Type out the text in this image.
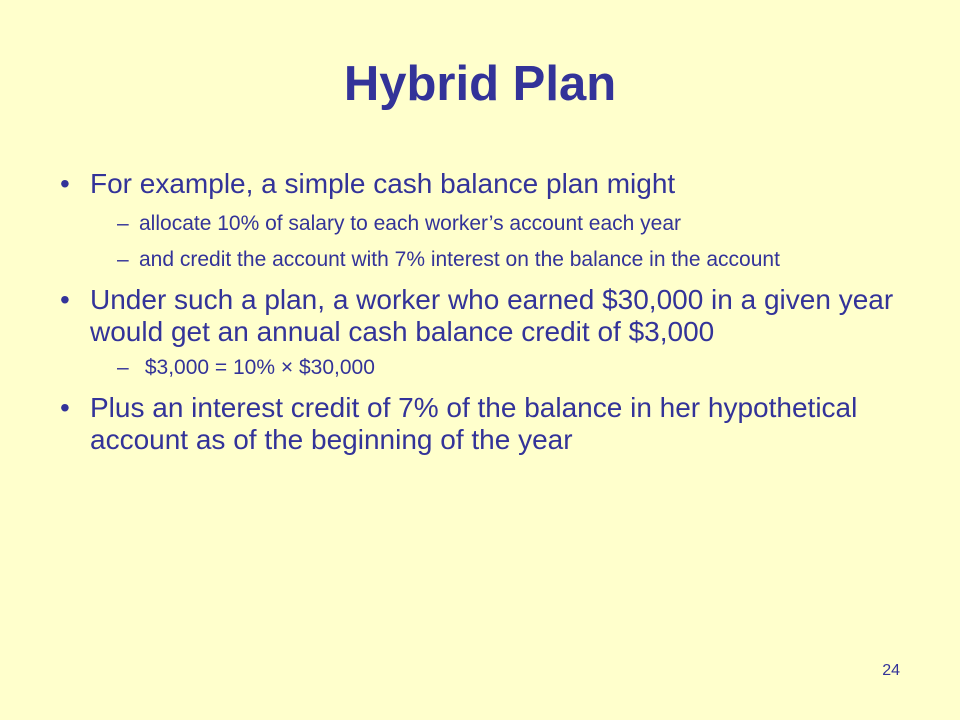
Hybrid Plan
• For example, a simple cash balance plan might
– allocate 10% of salary to each worker’s account each year
– and credit the account with 7% interest on the balance in the account
• Under such a plan, a worker who earned $30,000 in a given year would get an annual cash balance credit of $3,000
– $3,000 = 10% × $30,000
• Plus an interest credit of 7% of the balance in her hypothetical account as of the beginning of the year
24
